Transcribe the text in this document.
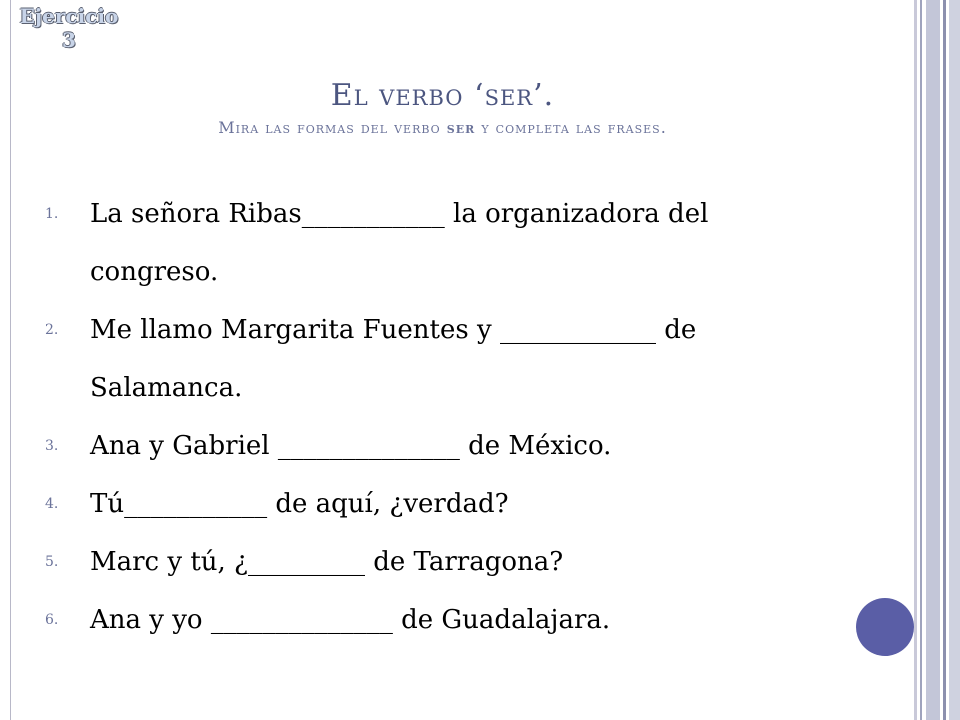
Ejercicio
3
El verbo ‘ser’.
Mira las formas del verbo ser y completa las frases.
1. La señora Ribas___________ la organizadora del
congreso.
2. Me llamo Margarita Fuentes y ____________ de
Salamanca.
3. Ana y Gabriel ______________ de México.
4. Tú___________ de aquí, ¿verdad?
5. Marc y tú, ¿_________ de Tarragona?
6. Ana y yo ______________ de Guadalajara.
